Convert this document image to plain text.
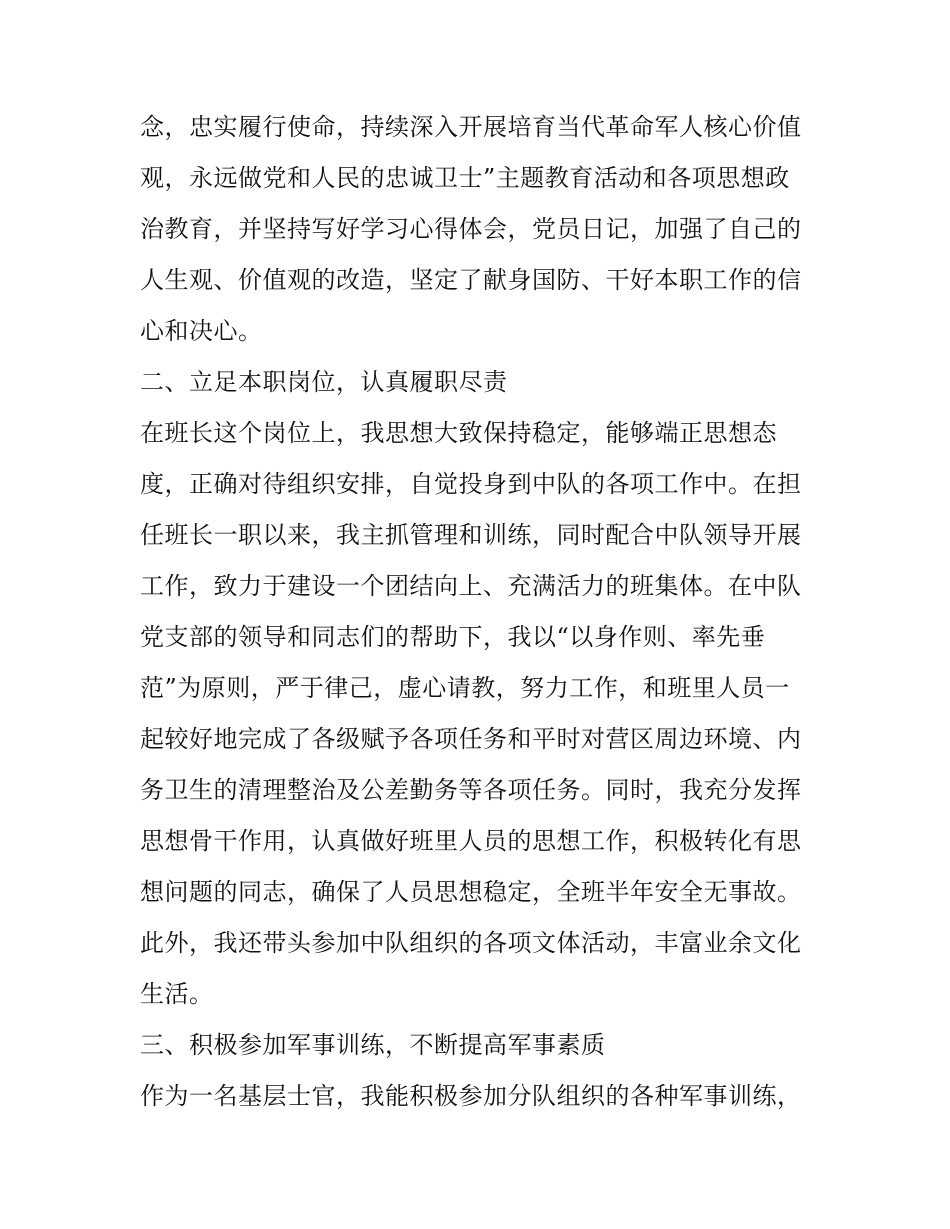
念，忠实履行使命，持续深入开展培育当代革命军人核心价值
观，永远做党和人民的忠诚卫士”主题教育活动和各项思想政
治教育，并坚持写好学习心得体会，党员日记，加强了自己的
人生观、价值观的改造，坚定了献身国防、干好本职工作的信
心和决心。
二、立足本职岗位，认真履职尽责
在班长这个岗位上，我思想大致保持稳定，能够端正思想态
度，正确对待组织安排，自觉投身到中队的各项工作中。在担
任班长一职以来，我主抓管理和训练，同时配合中队领导开展
工作，致力于建设一个团结向上、充满活力的班集体。在中队
党支部的领导和同志们的帮助下，我以“以身作则、率先垂
范”为原则，严于律己，虚心请教，努力工作，和班里人员一
起较好地完成了各级赋予各项任务和平时对营区周边环境、内
务卫生的清理整治及公差勤务等各项任务。同时，我充分发挥
思想骨干作用，认真做好班里人员的思想工作，积极转化有思
想问题的同志，确保了人员思想稳定，全班半年安全无事故。
此外，我还带头参加中队组织的各项文体活动，丰富业余文化
生活。
三、积极参加军事训练，不断提高军事素质
作为一名基层士官，我能积极参加分队组织的各种军事训练，
